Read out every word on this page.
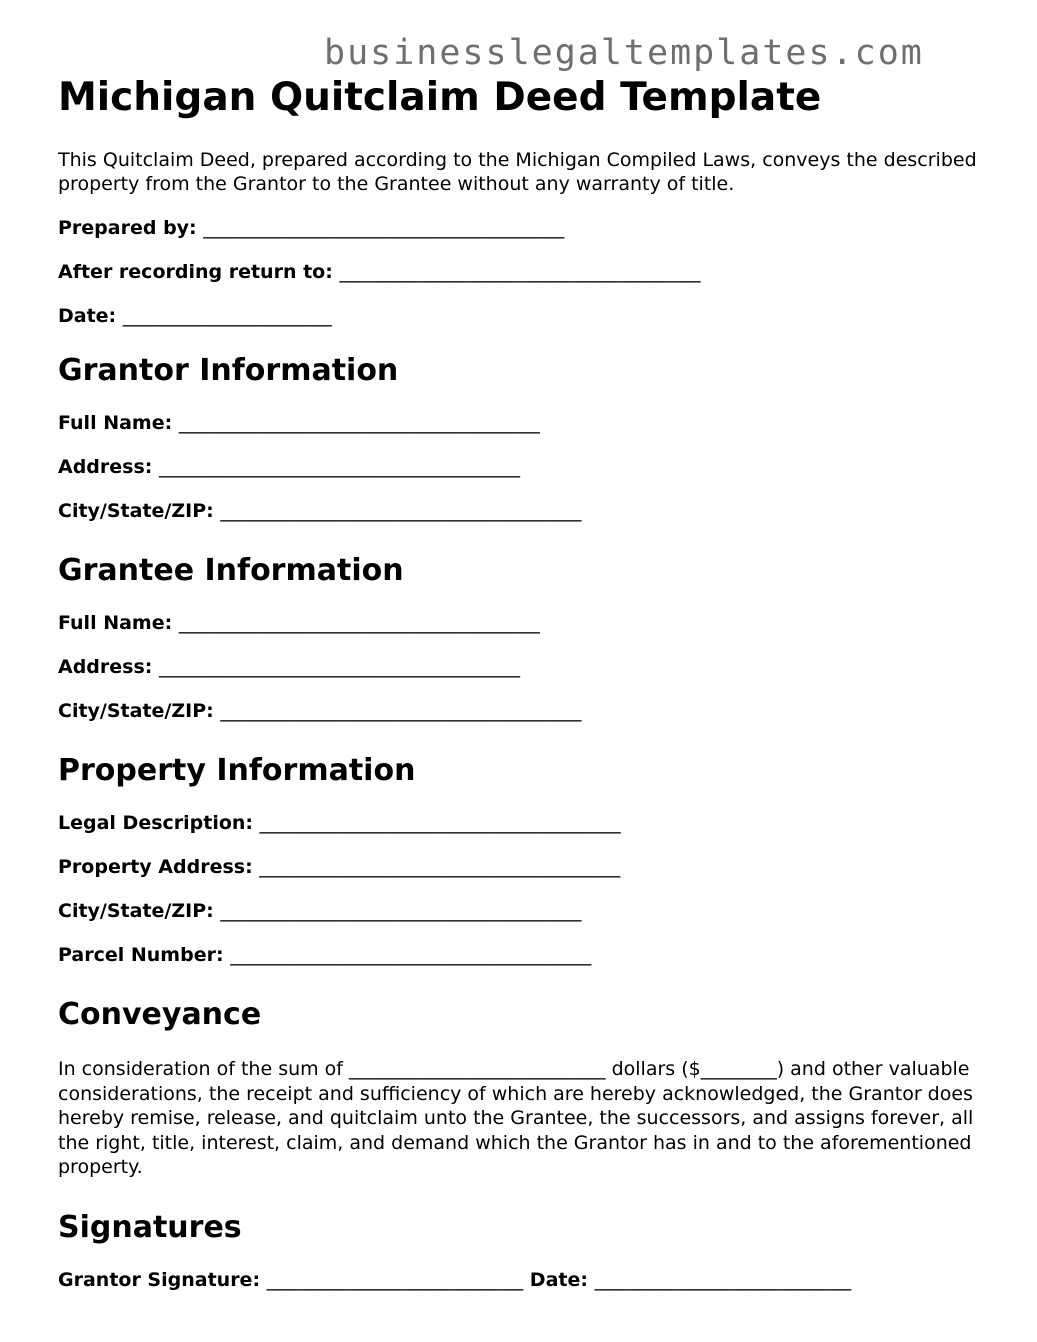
businesslegaltemplates.com
Michigan Quitclaim Deed Template

This Quitclaim Deed, prepared according to the Michigan Compiled Laws, conveys the described property from the Grantor to the Grantee without any warranty of title.

Prepared by: ______________________________________

After recording return to: ______________________________________

Date: ______________________

Grantor Information

Full Name: ______________________________________

Address: ______________________________________

City/State/ZIP: ______________________________________

Grantee Information

Full Name: ______________________________________

Address: ______________________________________

City/State/ZIP: ______________________________________

Property Information

Legal Description: ______________________________________

Property Address: ______________________________________

City/State/ZIP: ______________________________________

Parcel Number: ______________________________________

Conveyance

In consideration of the sum of ___________________________ dollars ($________) and other valuable considerations, the receipt and sufficiency of which are hereby acknowledged, the Grantor does hereby remise, release, and quitclaim unto the Grantee, the successors, and assigns forever, all the right, title, interest, claim, and demand which the Grantor has in and to the aforementioned property.

Signatures

Grantor Signature: ___________________________ Date: ___________________________
